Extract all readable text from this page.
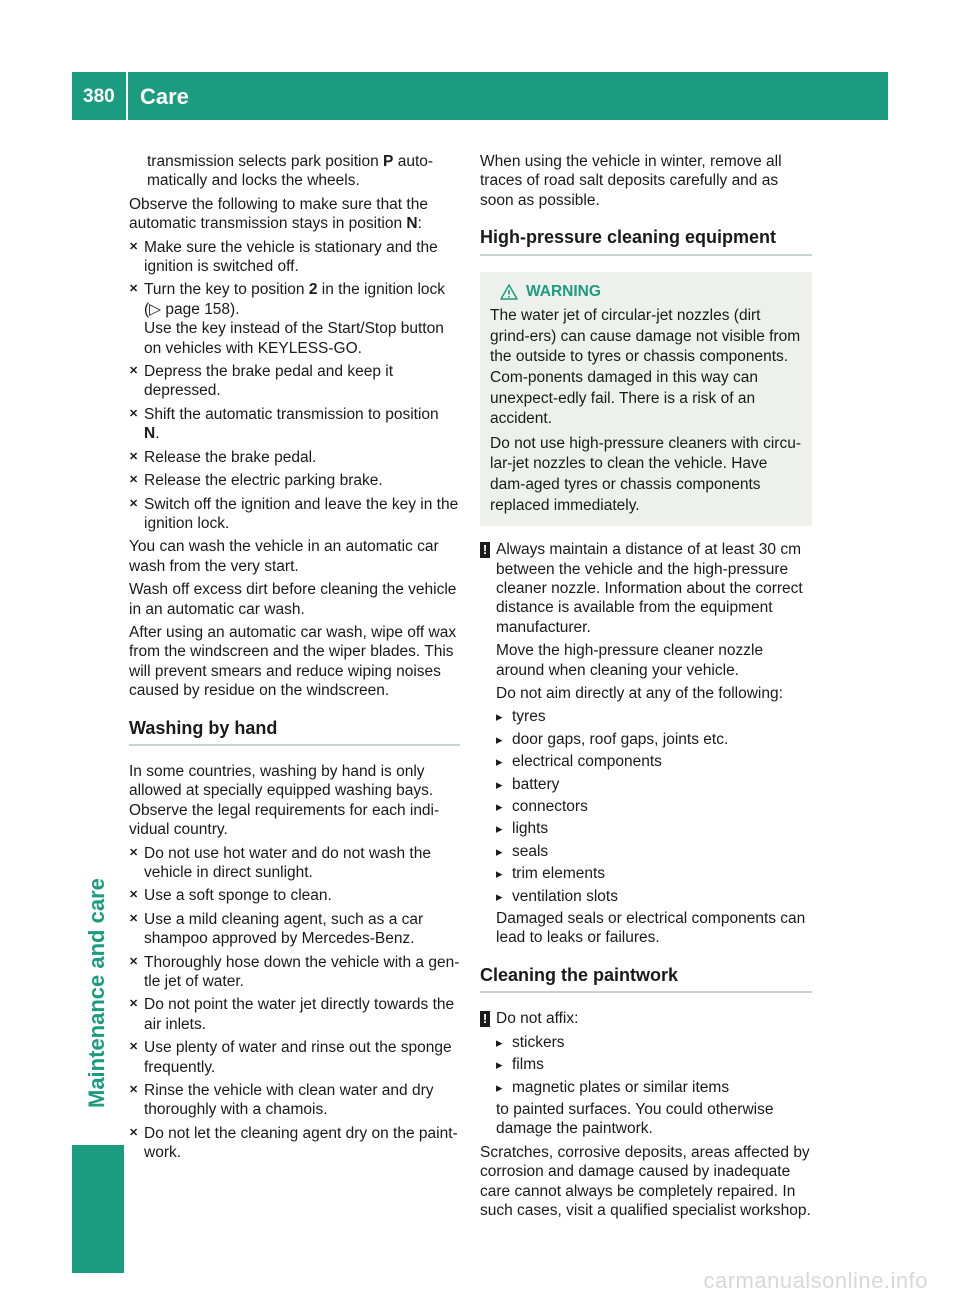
380 Care
Maintenance and care

transmission selects park position P auto-matically and locks the wheels.

Observe the following to make sure that the automatic transmission stays in position N:

✕ Make sure the vehicle is stationary and the ignition is switched off.
✕ Turn the key to position 2 in the ignition lock (▷ page 158).
Use the key instead of the Start/Stop button on vehicles with KEYLESS-GO.
✕ Depress the brake pedal and keep it depressed.
✕ Shift the automatic transmission to position
N.
✕ Release the brake pedal.
✕ Release the electric parking brake.
✕ Switch off the ignition and leave the key in the ignition lock.

You can wash the vehicle in an automatic car wash from the very start.

Wash off excess dirt before cleaning the vehicle in an automatic car wash.

After using an automatic car wash, wipe off wax from the windscreen and the wiper blades. This will prevent smears and reduce wiping noises caused by residue on the windscreen.

Washing by hand

In some countries, washing by hand is only allowed at specially equipped washing bays. Observe the legal requirements for each indi-vidual country.

✕ Do not use hot water and do not wash the vehicle in direct sunlight.
✕ Use a soft sponge to clean.
✕ Use a mild cleaning agent, such as a car shampoo approved by Mercedes-Benz.
✕ Thoroughly hose down the vehicle with a gen-tle jet of water.
✕ Do not point the water jet directly towards the air inlets.
✕ Use plenty of water and rinse out the sponge frequently.
✕ Rinse the vehicle with clean water and dry thoroughly with a chamois.
✕ Do not let the cleaning agent dry on the paint-work.

When using the vehicle in winter, remove all traces of road salt deposits carefully and as soon as possible.

High-pressure cleaning equipment
WARNING

The water jet of circular-jet nozzles (dirt grind-ers) can cause damage not visible from the outside to tyres or chassis components. Com-ponents damaged in this way can unexpect-edly fail. There is a risk of an accident.

Do not use high-pressure cleaners with circu-lar-jet nozzles to clean the vehicle. Have dam-aged tyres or chassis components replaced immediately.

! Always maintain a distance of at least 30 cm between the vehicle and the high-pressure cleaner nozzle. Information about the correct distance is available from the equipment manufacturer.

Move the high-pressure cleaner nozzle around when cleaning your vehicle.

Do not aim directly at any of the following:

▸ tyres
▸ door gaps, roof gaps, joints etc.
▸ electrical components
▸ battery
▸ connectors
▸ lights
▸ seals
▸ trim elements
▸ ventilation slots

Damaged seals or electrical components can lead to leaks or failures.

Cleaning the paintwork
! Do not affix:

▸ stickers
▸ films
▸ magnetic plates or similar items

to painted surfaces. You could otherwise damage the paintwork.

Scratches, corrosive deposits, areas affected by corrosion and damage caused by inadequate care cannot always be completely repaired. In such cases, visit a qualified specialist workshop.

carmanualsonline.info
